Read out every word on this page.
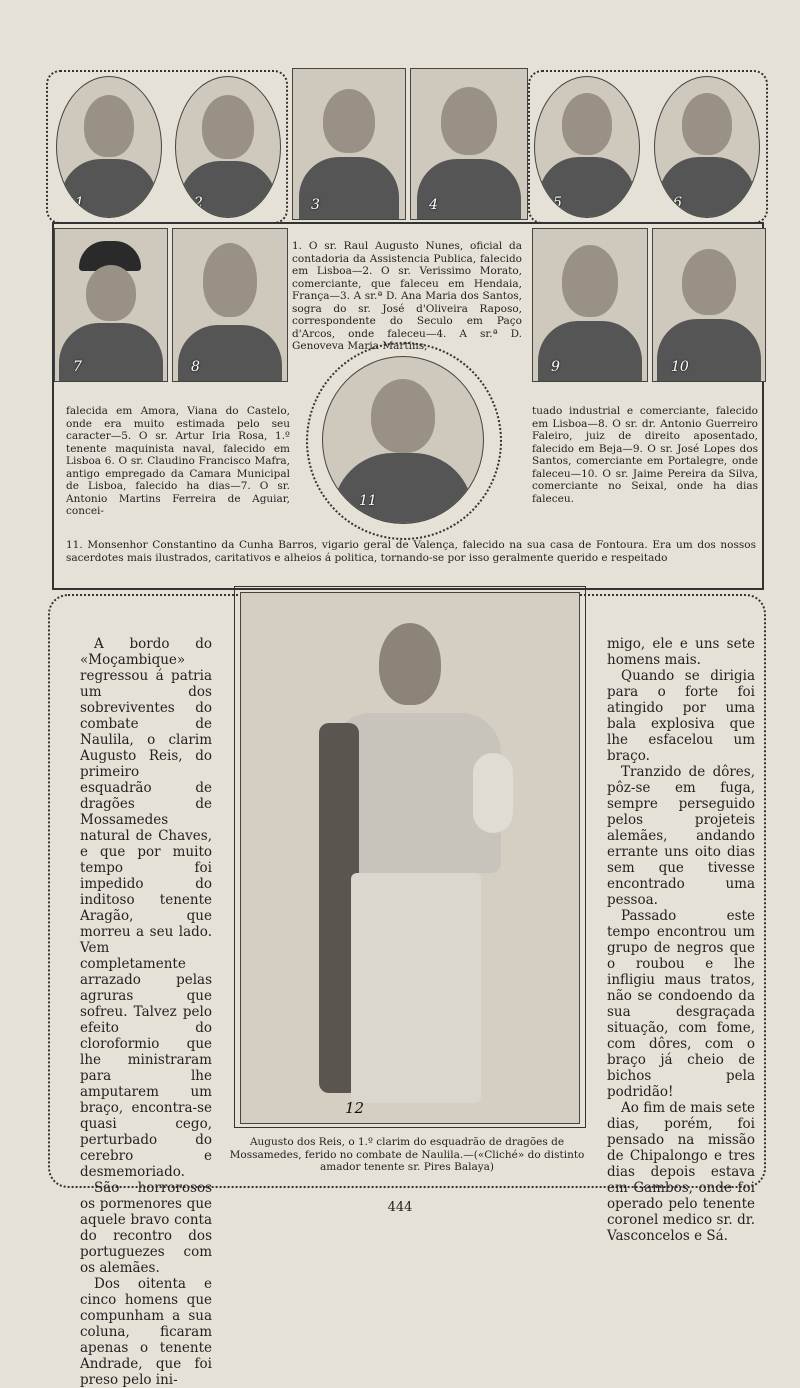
1	2	3	4	5	6
7	8	9	10
1. O sr. Raul Augusto Nunes, oficial da contadoria da Assistencia Publica, falecido em Lisboa—2. O sr. Verissimo Morato, comerciante, que faleceu em Hendaia, França—3. A sr.ª D. Ana Maria dos Santos, sogra do sr. José d'Oliveira Raposo, correspondente do Seculo em Paço d'Arcos, onde faleceu—4. A sr.ª D. Genoveva Maria Martins,
11
falecida em Amora, Viana do Castelo, onde era muito estimada pelo seu caracter—5. O sr. Artur Iria Rosa, 1.º tenente maquinista naval, falecido em Lisboa 6. O sr. Claudino Francisco Mafra, antigo empregado da Camara Municipal de Lisboa, falecido ha dias—7. O sr. Antonio Martins Ferreira de Aguiar, concei-
tuado industrial e comerciante, falecido em Lisboa—8. O sr. dr. Antonio Guerreiro Faleiro, juiz de direito aposentado, falecido em Beja—9. O sr. José Lopes dos Santos, comerciante em Portalegre, onde faleceu—10. O sr. Jaime Pereira da Silva, comerciante no Seixal, onde ha dias faleceu.
11. Monsenhor Constantino da Cunha Barros, vigario geral de Valença, falecido na sua casa de Fontoura. Era um dos nossos sacerdotes mais ilustrados, caritativos e alheios á politica, tornando-se por isso geralmente querido e respeitado
12

A bordo do «Moçambique» regressou á patria um dos sobreviventes do combate de Naulila, o clarim Augusto Reis, do primeiro esquadrão de dragões de Mossamedes natural de Chaves, e que por muito tempo foi impedido do inditoso tenente Aragão, que morreu a seu lado. Vem completamente arrazado pelas agruras que sofreu. Talvez pelo efeito do cloroformio que lhe ministraram para lhe amputarem um braço, encontra-se quasi cego, perturbado do cerebro e desmemoriado.

São horrorosos os pormenores que aquele bravo conta do recontro dos portuguezes com os alemães.

Dos oitenta e cinco homens que compunham a sua coluna, ficaram apenas o tenente Andrade, que foi preso pelo ini-

migo, ele e uns sete homens mais.

Quando se dirigia para o forte foi atingido por uma bala explosiva que lhe esfacelou um braço.

Tranzido de dôres, pôz-se em fuga, sempre perseguido pelos projeteis alemães, andando errante uns oito dias sem que tivesse encontrado uma pessoa.

Passado este tempo encontrou um grupo de negros que o roubou e lhe infligiu maus tratos, não se condoendo da sua desgraçada situação, com fome, com dôres, com o braço já cheio de bichos pela podridão!

Ao fim de mais sete dias, porém, foi pensado na missão de Chipalongo e tres dias depois estava em Gambos, onde foi operado pelo tenente coronel medico sr. dr. Vasconcelos e Sá.

Augusto dos Reis, o 1.º clarim do esquadrão de dragões de Mossamedes, ferido no combate de Naulila.—(«Cliché» do distinto amador tenente sr. Pires Balaya)
444
